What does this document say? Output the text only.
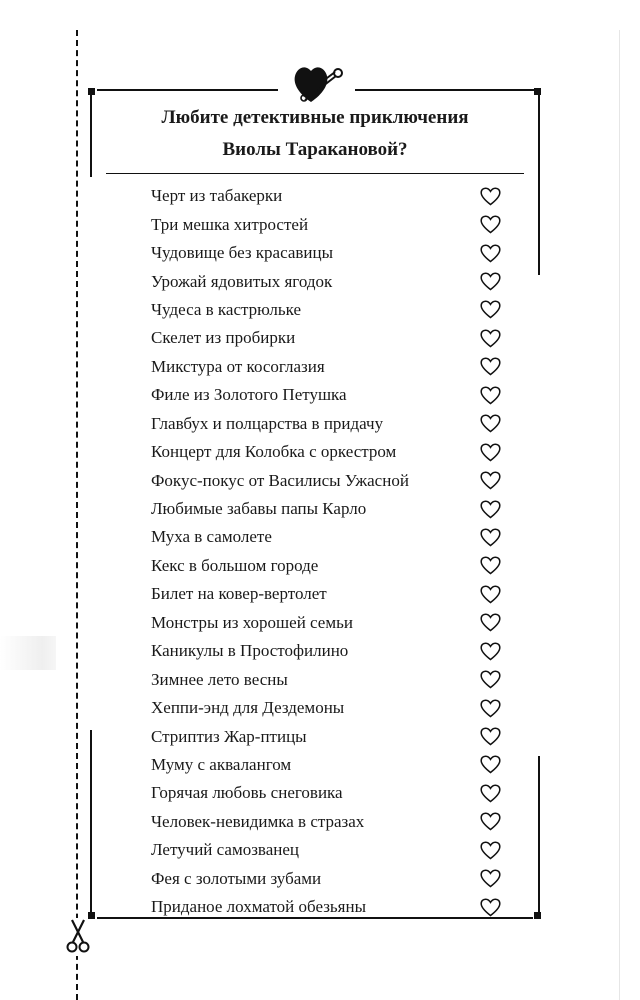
Любите детективные приключения
Виолы Таракановой?
Черт из табакерки
Три мешка хитростей
Чудовище без красавицы
Урожай ядовитых ягодок
Чудеса в кастрюльке
Скелет из пробирки
Микстура от косоглазия
Филе из Золотого Петушка
Главбух и полцарства в придачу
Концерт для Колобка с оркестром
Фокус-покус от Василисы Ужасной
Любимые забавы папы Карло
Муха в самолете
Кекс в большом городе
Билет на ковер-вертолет
Монстры из хорошей семьи
Каникулы в Простофилино
Зимнее лето весны
Хеппи-энд для Дездемоны
Стриптиз Жар-птицы
Муму с аквалангом
Горячая любовь снеговика
Человек-невидимка в стразах
Летучий самозванец
Фея с золотыми зубами
Приданое лохматой обезьяны
